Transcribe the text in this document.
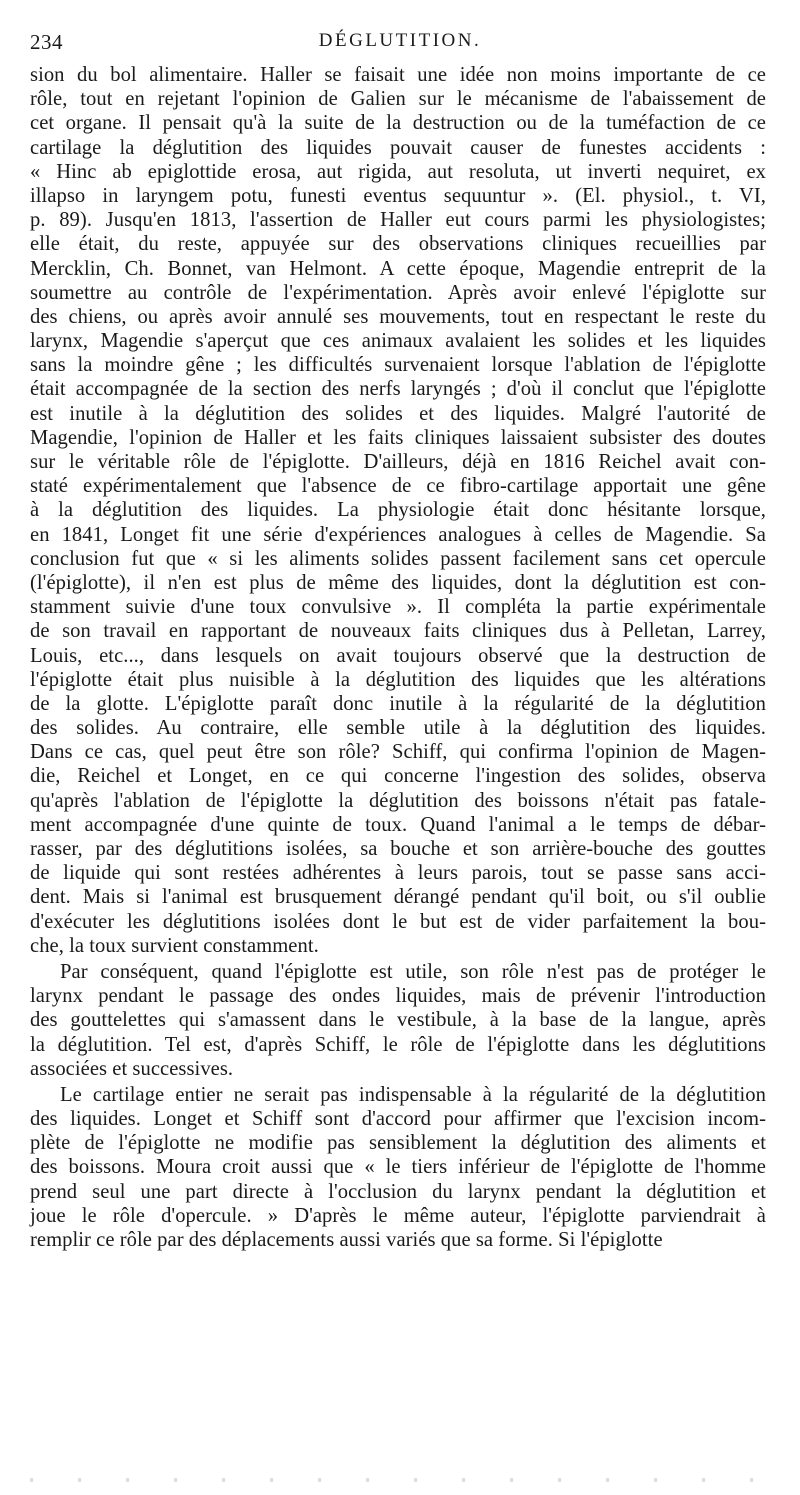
234	DÉGLUTITION.
sion du bol alimentaire. Haller se faisait une idée non moins importante de ce
rôle, tout en rejetant l'opinion de Galien sur le mécanisme de l'abaissement de
cet organe. Il pensait qu'à la suite de la destruction ou de la tuméfaction de ce
cartilage la déglutition des liquides pouvait causer de funestes accidents :
« Hinc ab epiglottide erosa, aut rigida, aut resoluta, ut inverti nequiret, ex
illapso in laryngem potu, funesti eventus sequuntur ». (El. physiol., t. VI,
p. 89). Jusqu'en 1813, l'assertion de Haller eut cours parmi les physiologistes;
elle était, du reste, appuyée sur des observations cliniques recueillies par
Mercklin, Ch. Bonnet, van Helmont. A cette époque, Magendie entreprit de la
soumettre au contrôle de l'expérimentation. Après avoir enlevé l'épiglotte sur
des chiens, ou après avoir annulé ses mouvements, tout en respectant le reste du
larynx, Magendie s'aperçut que ces animaux avalaient les solides et les liquides
sans la moindre gêne ; les difficultés survenaient lorsque l'ablation de l'épiglotte
était accompagnée de la section des nerfs laryngés ; d'où il conclut que l'épiglotte
est inutile à la déglutition des solides et des liquides. Malgré l'autorité de
Magendie, l'opinion de Haller et les faits cliniques laissaient subsister des doutes
sur le véritable rôle de l'épiglotte. D'ailleurs, déjà en 1816 Reichel avait con-
staté expérimentalement que l'absence de ce fibro-cartilage apportait une gêne
à la déglutition des liquides. La physiologie était donc hésitante lorsque,
en 1841, Longet fit une série d'expériences analogues à celles de Magendie. Sa
conclusion fut que « si les aliments solides passent facilement sans cet opercule
(l'épiglotte), il n'en est plus de même des liquides, dont la déglutition est con-
stamment suivie d'une toux convulsive ». Il compléta la partie expérimentale
de son travail en rapportant de nouveaux faits cliniques dus à Pelletan, Larrey,
Louis, etc..., dans lesquels on avait toujours observé que la destruction de
l'épiglotte était plus nuisible à la déglutition des liquides que les altérations
de la glotte. L'épiglotte paraît donc inutile à la régularité de la déglutition
des solides. Au contraire, elle semble utile à la déglutition des liquides.
Dans ce cas, quel peut être son rôle? Schiff, qui confirma l'opinion de Magen-
die, Reichel et Longet, en ce qui concerne l'ingestion des solides, observa
qu'après l'ablation de l'épiglotte la déglutition des boissons n'était pas fatale-
ment accompagnée d'une quinte de toux. Quand l'animal a le temps de débar-
rasser, par des déglutitions isolées, sa bouche et son arrière-bouche des gouttes
de liquide qui sont restées adhérentes à leurs parois, tout se passe sans acci-
dent. Mais si l'animal est brusquement dérangé pendant qu'il boit, ou s'il oublie
d'exécuter les déglutitions isolées dont le but est de vider parfaitement la bou-
che, la toux survient constamment.
Par conséquent, quand l'épiglotte est utile, son rôle n'est pas de protéger le
larynx pendant le passage des ondes liquides, mais de prévenir l'introduction
des gouttelettes qui s'amassent dans le vestibule, à la base de la langue, après
la déglutition. Tel est, d'après Schiff, le rôle de l'épiglotte dans les déglutitions
associées et successives.
Le cartilage entier ne serait pas indispensable à la régularité de la déglutition
des liquides. Longet et Schiff sont d'accord pour affirmer que l'excision incom-
plète de l'épiglotte ne modifie pas sensiblement la déglutition des aliments et
des boissons. Moura croit aussi que « le tiers inférieur de l'épiglotte de l'homme
prend seul une part directe à l'occlusion du larynx pendant la déglutition et
joue le rôle d'opercule. » D'après le même auteur, l'épiglotte parviendrait à
remplir ce rôle par des déplacements aussi variés que sa forme. Si l'épiglotte
